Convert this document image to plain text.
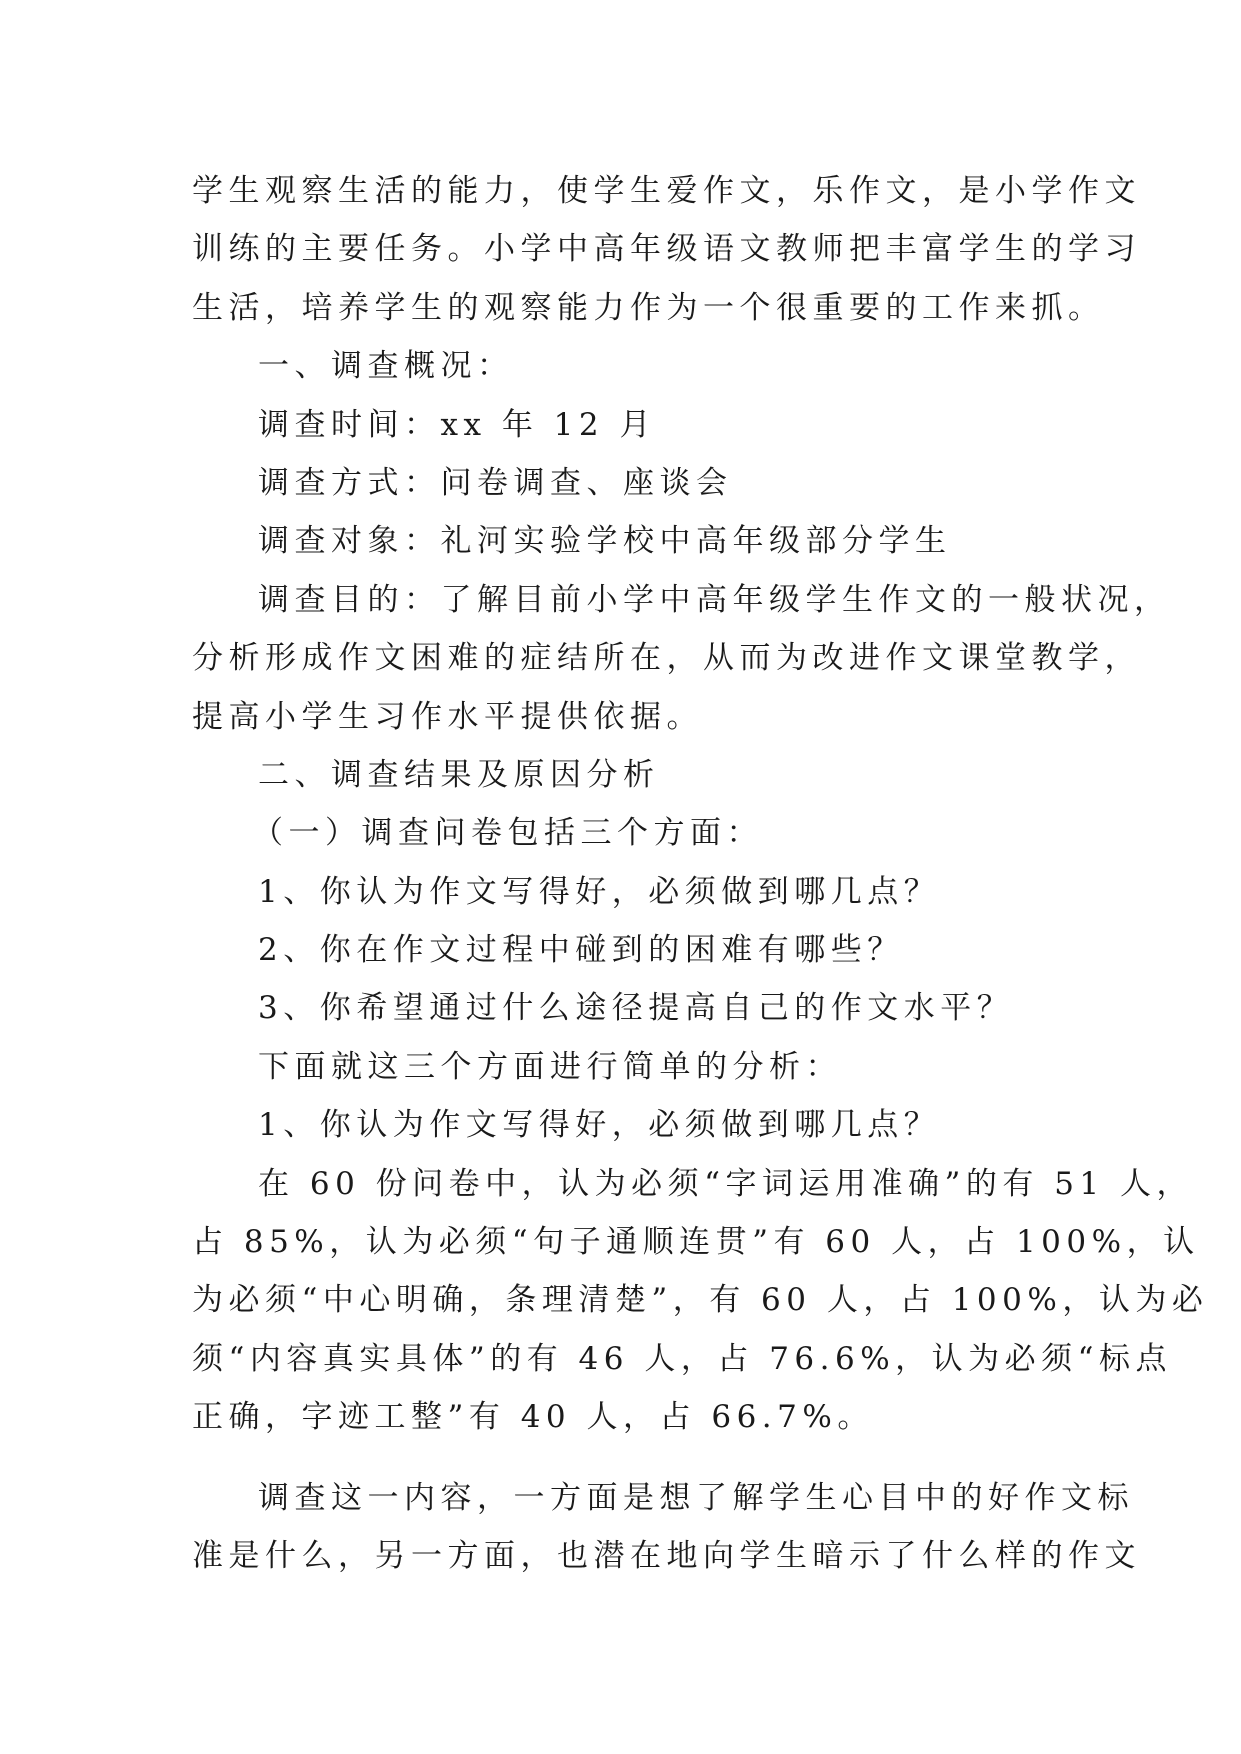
学生观察生活的能力，使学生爱作文，乐作文，是小学作文
训练的主要任务。小学中高年级语文教师把丰富学生的学习
生活，培养学生的观察能力作为一个很重要的工作来抓。
一、调查概况：
调查时间：xx 年 12 月
调查方式：问卷调查、座谈会
调查对象：礼河实验学校中高年级部分学生
调查目的：了解目前小学中高年级学生作文的一般状况，
分析形成作文困难的症结所在，从而为改进作文课堂教学，
提高小学生习作水平提供依据。
二、调查结果及原因分析
（一）调查问卷包括三个方面：
1、你认为作文写得好，必须做到哪几点？
2、你在作文过程中碰到的困难有哪些？
3、你希望通过什么途径提高自己的作文水平？
下面就这三个方面进行简单的分析：
1、你认为作文写得好，必须做到哪几点？
在 60 份问卷中，认为必须“字词运用准确”的有 51 人，
占 85%，认为必须“句子通顺连贯”有 60 人，占 100%，认
为必须“中心明确，条理清楚”，有 60 人，占 100%，认为必
须“内容真实具体”的有 46 人，占 76.6%，认为必须“标点
正确，字迹工整”有 40 人，占 66.7%。
调查这一内容，一方面是想了解学生心目中的好作文标
准是什么，另一方面，也潜在地向学生暗示了什么样的作文
